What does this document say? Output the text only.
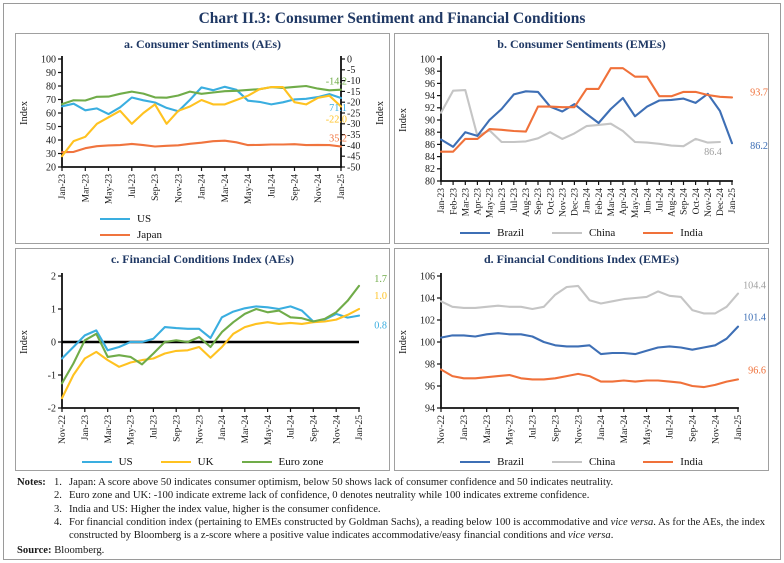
Chart II.3: Consumer Sentiment and Financial Conditions
a. Consumer Sentiments (AEs)
20
30
40
50
60
70
80
90
100
-50
-45
-40
-35
-30
-25
-20
-15
-10
-5
0
Jan-23 Mar-23 May-23 Jul-23 Sep-23 Nov-23 Jan-24 Mar-24 May-24 Jul-24 Sep-24 Nov-24 Jan-25
Index	Index
71.1
35.2
-14.2
-22.0
US
Japan
b. Consumer Sentiments (EMEs)
80
82
84
86
88
90
92
94
96
98
100
Jan-23 Feb-23 Mar-23 Apr-23 May-23 Jun-23 Jul-23 Aug-23 Sep-23 Oct-23 Nov-23 Dec-23 Jan-24 Feb-24 Mar-24 Apr-24 May-24 Jun-24 Jul-24 Aug-24 Sep-24 Oct-24 Nov-24 Dec-24 Jan-25
Index
86.2
86.4
93.7
Brazil	China	India
c. Financial Conditions Index (AEs)
-2
-1
0
1
2
Nov-22 Jan-23 Mar-23 May-23 Jul-23 Sep-23 Nov-23 Jan-24 Mar-24 May-24 Jul-24 Sep-24 Nov-24 Jan-25
Index
0.8
1.0
1.7
US	UK	Euro zone
d. Financial Conditions Index (EMEs)
94
96
98
100
102
104
106
Nov-22 Jan-23 Mar-23 May-23 Jul-23 Sep-23 Nov-23 Jan-24 Mar-24 May-24 Jul-24 Sep-24 Nov-24 Jan-25
Index
101.4
104.4
96.6
Brazil	China	India
Notes: 1. Japan: A score above 50 indicates consumer optimism, below 50 shows lack of consumer confidence and 50 indicates neutrality.
2. Euro zone and UK: -100 indicate extreme lack of confidence, 0 denotes neutrality while 100 indicates extreme confidence.
3. India and US: Higher the index value, higher is the consumer confidence.
4. For financial condition index (pertaining to EMEs constructed by Goldman Sachs), a reading below 100 is accommodative and vice versa. As for the AEs, the index constructed by Bloomberg is a z-score where a positive value indicates accommodative/easy financial conditions and vice versa.
Source: Bloomberg.
